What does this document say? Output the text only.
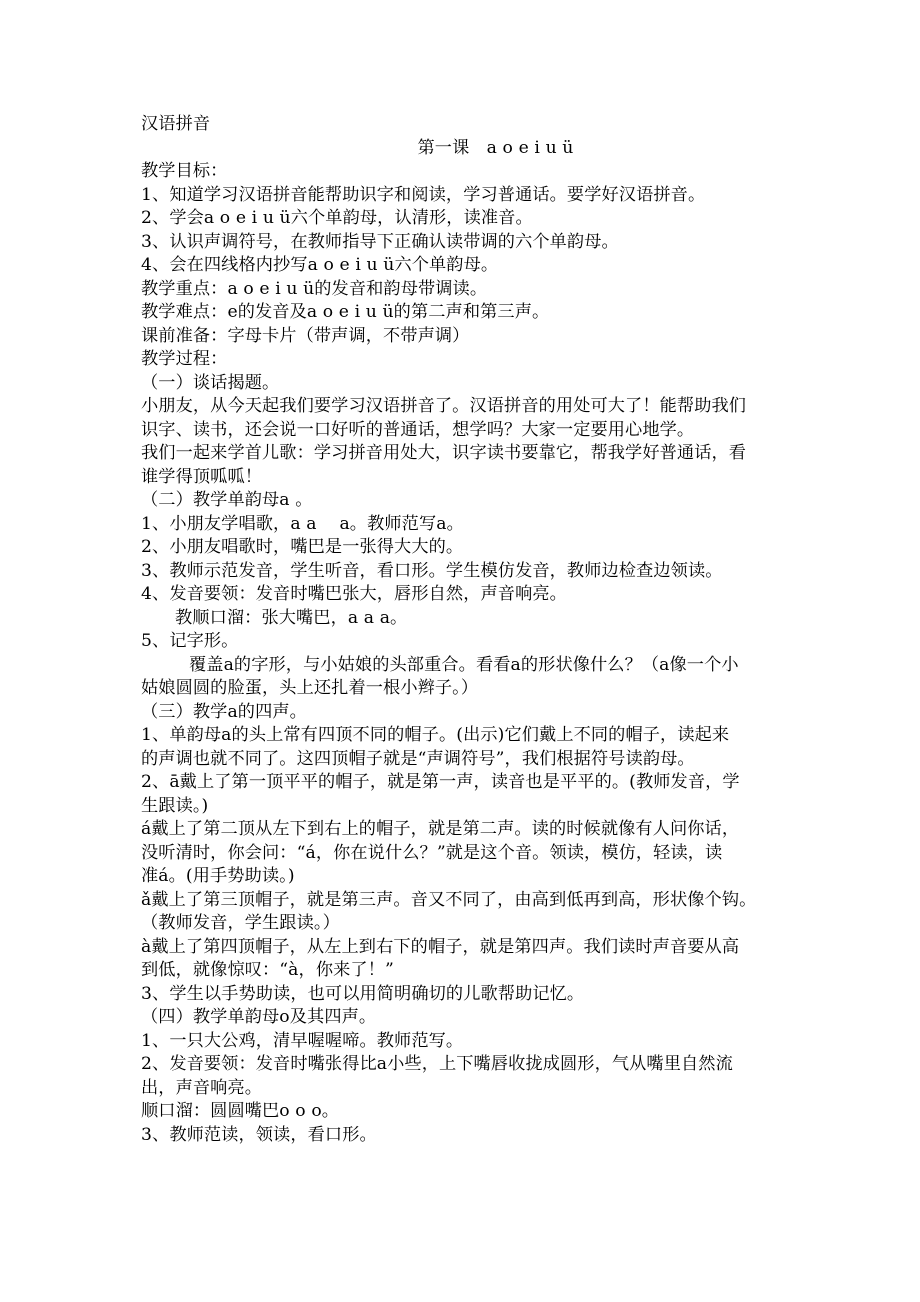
汉语拼音
第一课　a o e i u ü
教学目标：
1、知道学习汉语拼音能帮助识字和阅读，学习普通话。要学好汉语拼音。
2、学会a o e i u ü六个单韵母，认清形，读准音。
3、认识声调符号，在教师指导下正确认读带调的六个单韵母。
4、会在四线格内抄写a o e i u ü六个单韵母。
教学重点：a o e i u ü的发音和韵母带调读。
教学难点：e的发音及a o e i u ü的第二声和第三声。
课前准备：字母卡片（带声调，不带声调）
教学过程：
（一）谈话揭题。
小朋友，从今天起我们要学习汉语拼音了。汉语拼音的用处可大了！能帮助我们
识字、读书，还会说一口好听的普通话，想学吗？大家一定要用心地学。
我们一起来学首儿歌：学习拼音用处大，识字读书要靠它，帮我学好普通话，看
谁学得顶呱呱！
（二）教学单韵母a 。
1、小朋友学唱歌，a a 　a。教师范写a。
2、小朋友唱歌时，嘴巴是一张得大大的。
3、教师示范发音，学生听音，看口形。学生模仿发音，教师边检查边领读。
4、发音要领：发音时嘴巴张大，唇形自然，声音响亮。
教顺口溜：张大嘴巴，a a a。
5、记字形。
覆盖a的字形，与小姑娘的头部重合。看看a的形状像什么？（a像一个小
姑娘圆圆的脸蛋，头上还扎着一根小辫子。）
（三）教学a的四声。
1、单韵母a的头上常有四顶不同的帽子。(出示)它们戴上不同的帽子，读起来
的声调也就不同了。这四顶帽子就是“声调符号”，我们根据符号读韵母。
2、ā戴上了第一顶平平的帽子，就是第一声，读音也是平平的。(教师发音，学
生跟读。)
á戴上了第二顶从左下到右上的帽子，就是第二声。读的时候就像有人问你话，
没听清时，你会问：“á，你在说什么？”就是这个音。领读，模仿，轻读，读
准á。(用手势助读。)
ǎ戴上了第三顶帽子，就是第三声。音又不同了，由高到低再到高，形状像个钩。
（教师发音，学生跟读。）
à戴上了第四顶帽子，从左上到右下的帽子，就是第四声。我们读时声音要从高
到低，就像惊叹：“à，你来了！”
3、学生以手势助读，也可以用简明确切的儿歌帮助记忆。
（四）教学单韵母o及其四声。
1、一只大公鸡，清早喔喔啼。教师范写。
2、发音要领：发音时嘴张得比a小些，上下嘴唇收拢成圆形，气从嘴里自然流
出，声音响亮。
顺口溜：圆圆嘴巴o o o。
3、教师范读，领读，看口形。
